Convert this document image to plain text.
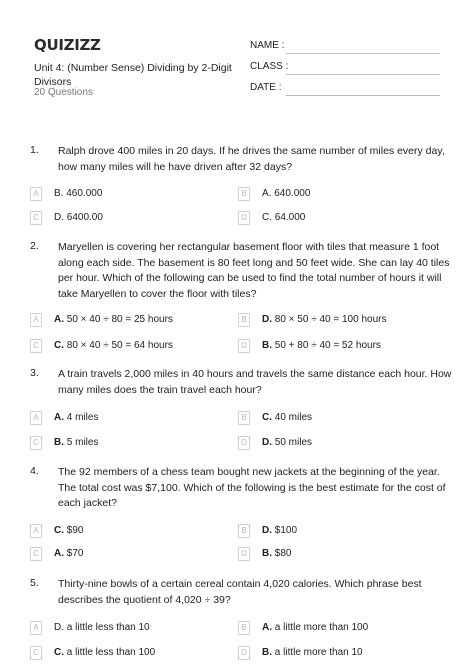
QUIZIZZ
Unit 4: (Number Sense) Dividing by 2-Digit Divisors
20 Questions
NAME :
CLASS :
DATE :
1. Ralph drove 400 miles in 20 days. If he drives the same number of miles every day, how many miles will he have driven after 32 days?
A	B. 460.000	B	A. 640.000
C	D. 6400.00	D	C. 64.000
2. Maryellen is covering her rectangular basement floor with tiles that measure 1 foot along each side. The basement is 80 feet long and 50 feet wide. She can lay 40 tiles per hour. Which of the following can be used to find the total number of hours it will take Maryellen to cover the floor with tiles?
A	A. 50 × 40 ÷ 80 = 25 hours	B	D. 80 × 50 ÷ 40 = 100 hours
C	C. 80 × 40 ÷ 50 = 64 hours	D	B. 50 + 80 ÷ 40 = 52 hours
3. A train travels 2,000 miles in 40 hours and travels the same distance each hour. How many miles does the train travel each hour?
A	A. 4 miles	B	C. 40 miles
C	B. 5 miles	D	D. 50 miles
4. The 92 members of a chess team bought new jackets at the beginning of the year. The total cost was $7,100. Which of the following is the best estimate for the cost of each jacket?
A	C. $90	B	D. $100
C	A. $70	D	B. $80
5. Thirty-nine bowls of a certain cereal contain 4,020 calories. Which phrase best describes the quotient of 4,020 ÷ 39?
A	D. a little less than 10	B	A. a little more than 100
C	C. a little less than 100	D	B. a little more than 10
